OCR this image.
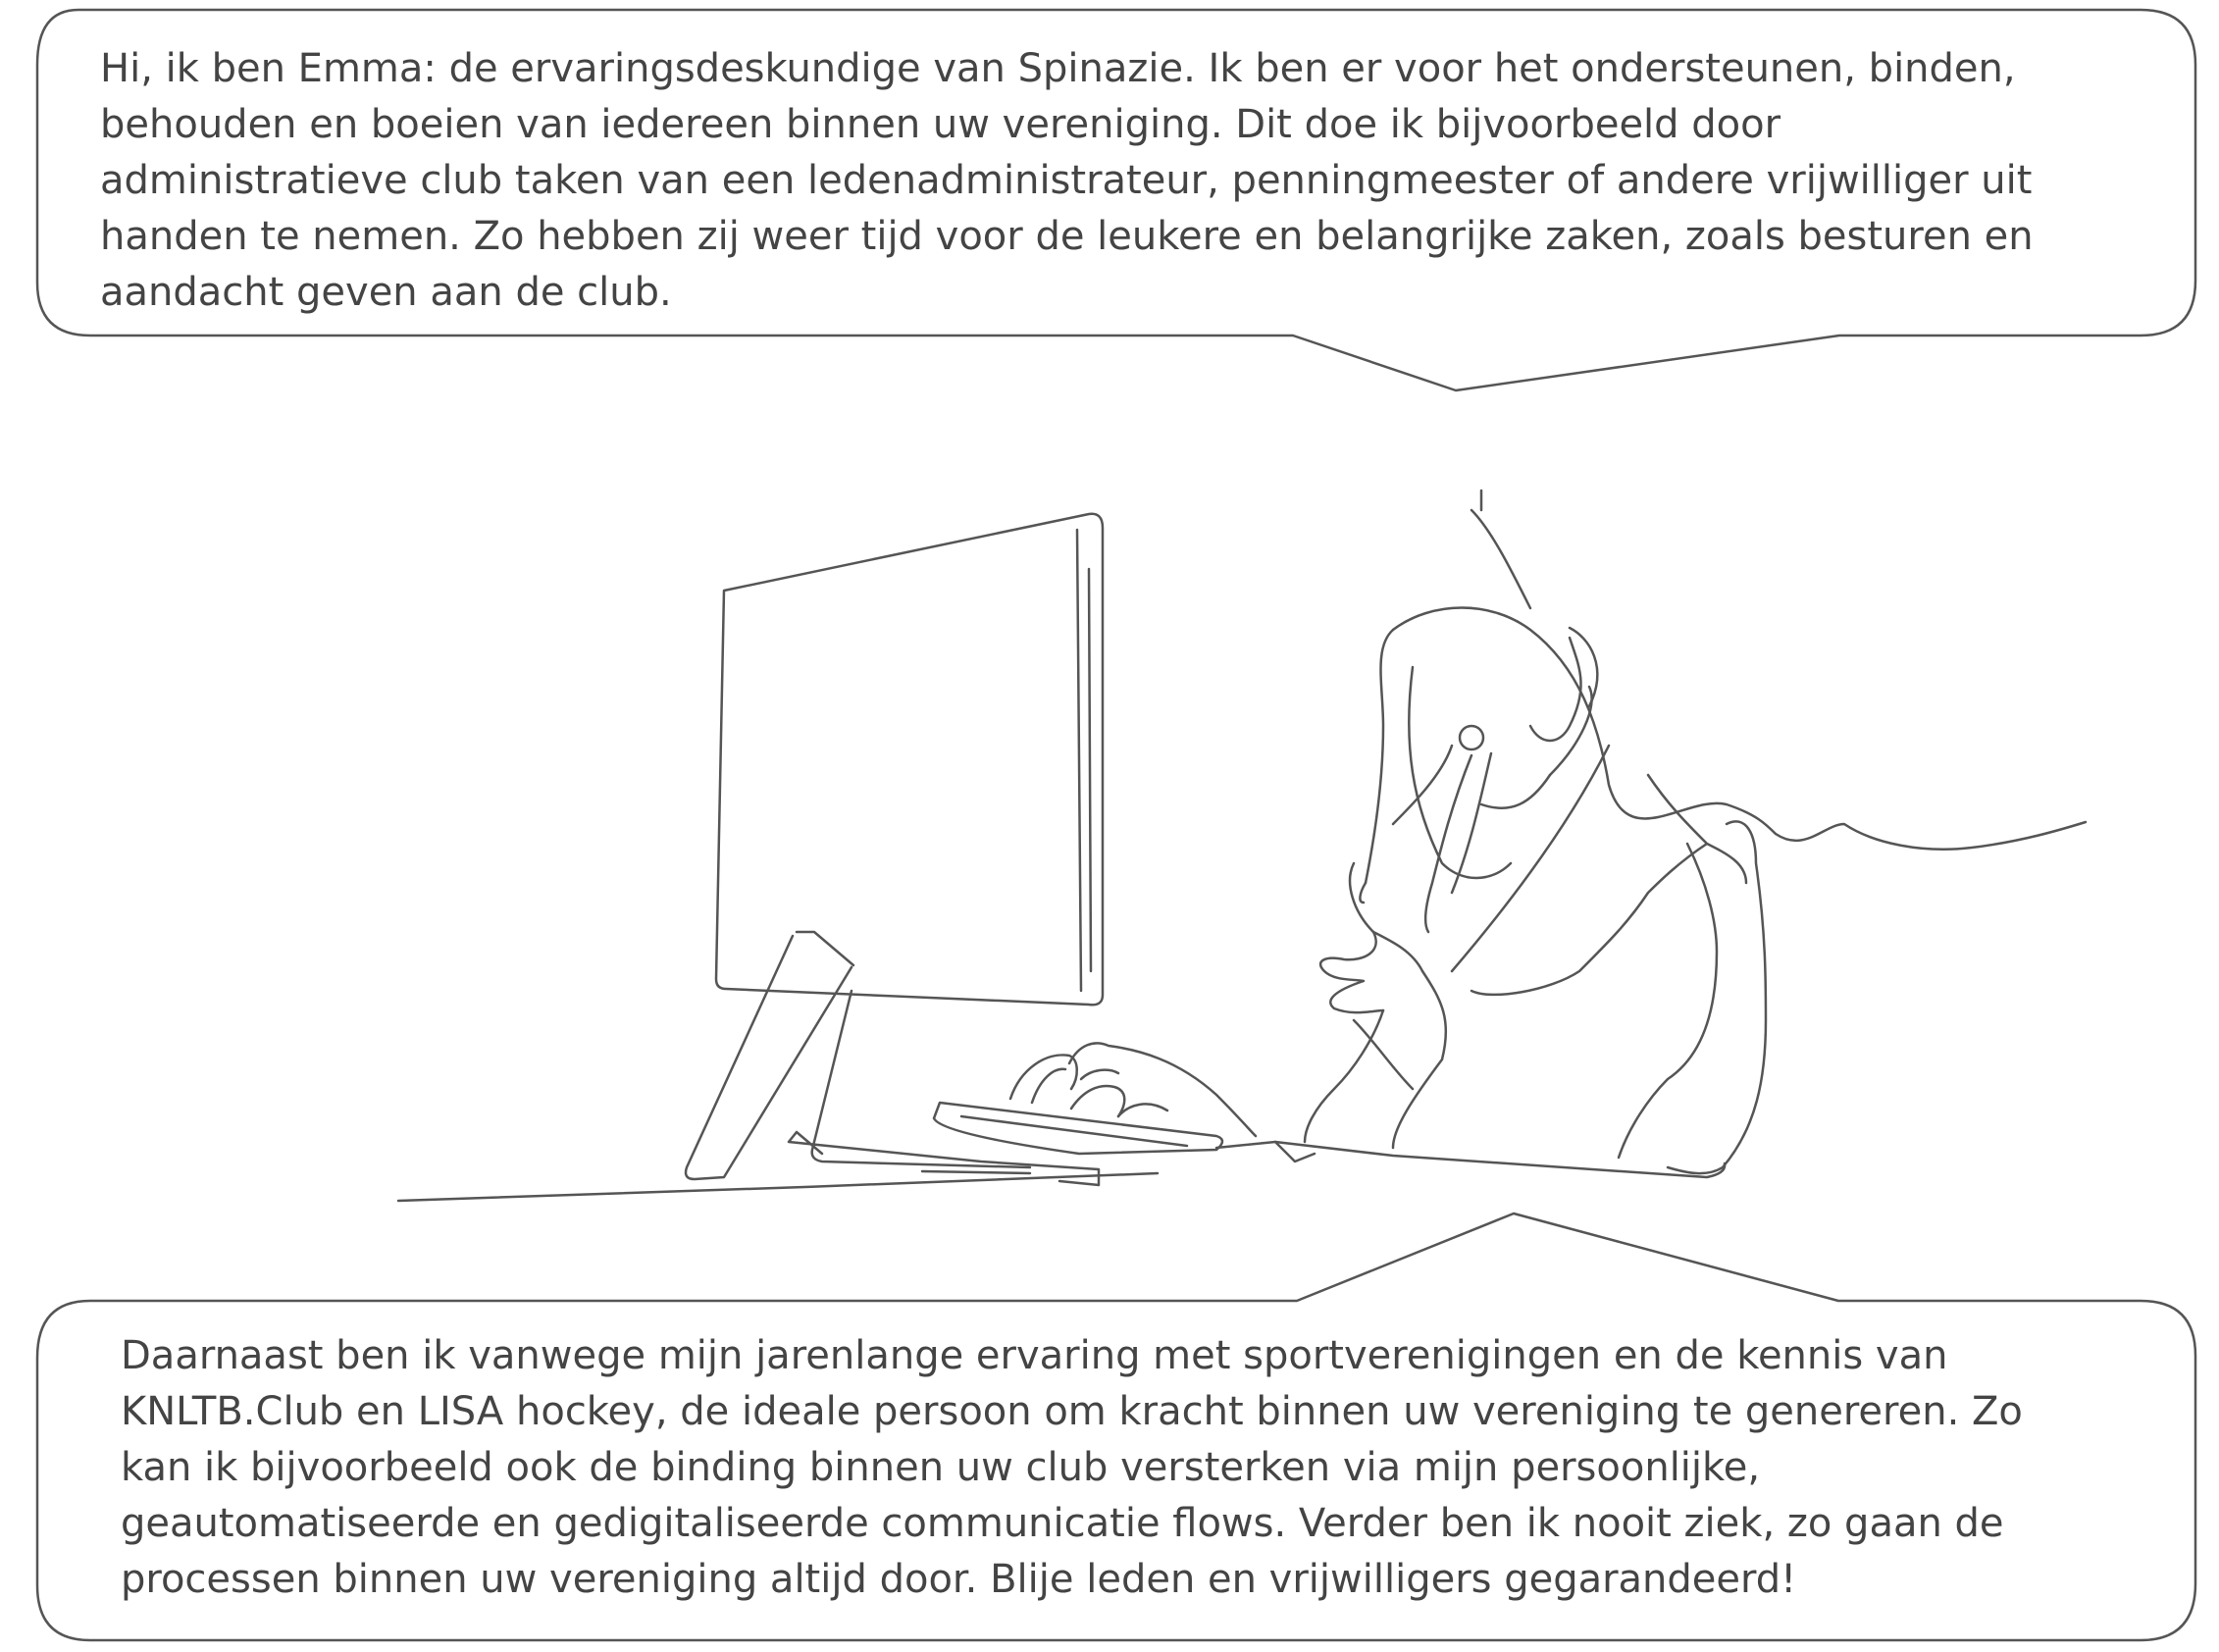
Hi, ik ben Emma: de ervaringsdeskundige van Spinazie. Ik ben er voor het ondersteunen, binden,
behouden en boeien van iedereen binnen uw vereniging. Dit doe ik bijvoorbeeld door
administratieve club taken van een ledenadministrateur, penningmeester of andere vrijwilliger uit
handen te nemen. Zo hebben zij weer tijd voor de leukere en belangrijke zaken, zoals besturen en
aandacht geven aan de club.
Daarnaast ben ik vanwege mijn jarenlange ervaring met sportverenigingen en de kennis van
KNLTB.Club en LISA hockey, de ideale persoon om kracht binnen uw vereniging te genereren. Zo
kan ik bijvoorbeeld ook de binding binnen uw club versterken via mijn persoonlijke,
geautomatiseerde en gedigitaliseerde communicatie flows. Verder ben ik nooit ziek, zo gaan de
processen binnen uw vereniging altijd door. Blije leden en vrijwilligers gegarandeerd!
